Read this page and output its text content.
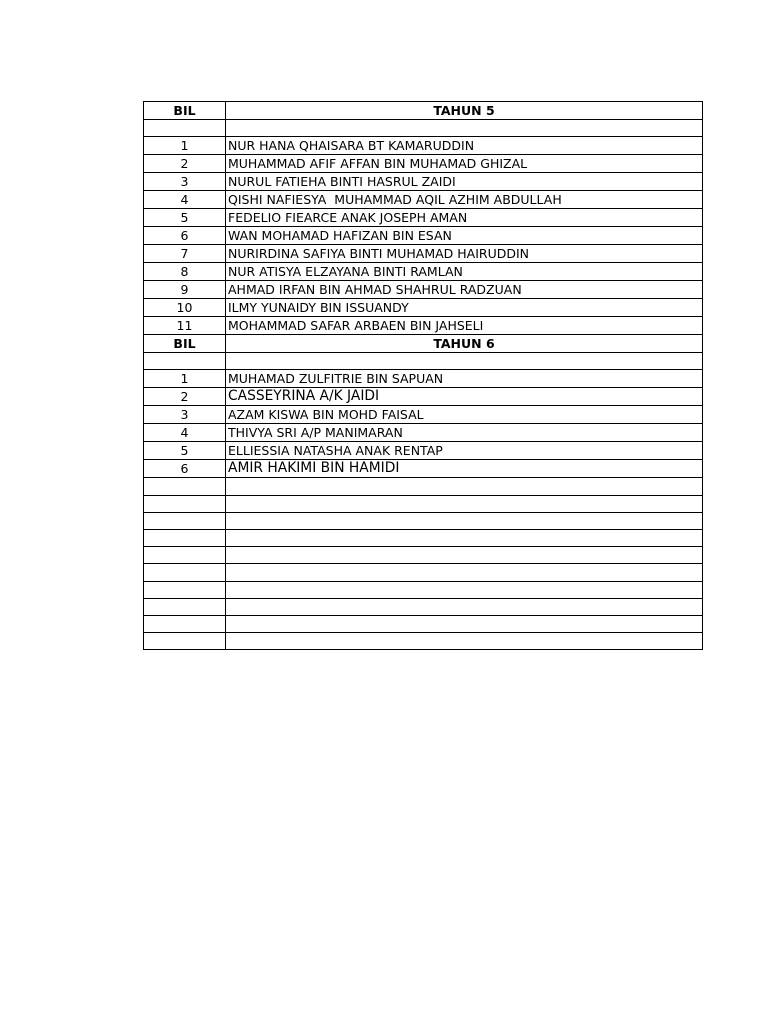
BIL	TAHUN 5

1	NUR HANA QHAISARA BT KAMARUDDIN
2	MUHAMMAD AFIF AFFAN BIN MUHAMAD GHIZAL
3	NURUL FATIEHA BINTI HASRUL ZAIDI
4	QISHI NAFIESYA  MUHAMMAD AQIL AZHIM ABDULLAH
5	FEDELIO FIEARCE ANAK JOSEPH AMAN
6	WAN MOHAMAD HAFIZAN BIN ESAN
7	NURIRDINA SAFIYA BINTI MUHAMAD HAIRUDDIN
8	NUR ATISYA ELZAYANA BINTI RAMLAN
9	AHMAD IRFAN BIN AHMAD SHAHRUL RADZUAN
10	ILMY YUNAIDY BIN ISSUANDY
11	MOHAMMAD SAFAR ARBAEN BIN JAHSELI
BIL	TAHUN 6

1	MUHAMAD ZULFITRIE BIN SAPUAN
2	CASSEYRINA A/K JAIDI
3	AZAM KISWA BIN MOHD FAISAL
4	THIVYA SRI A/P MANIMARAN
5	ELLIESSIA NATASHA ANAK RENTAP
6	AMIR HAKIMI BIN HAMIDI
